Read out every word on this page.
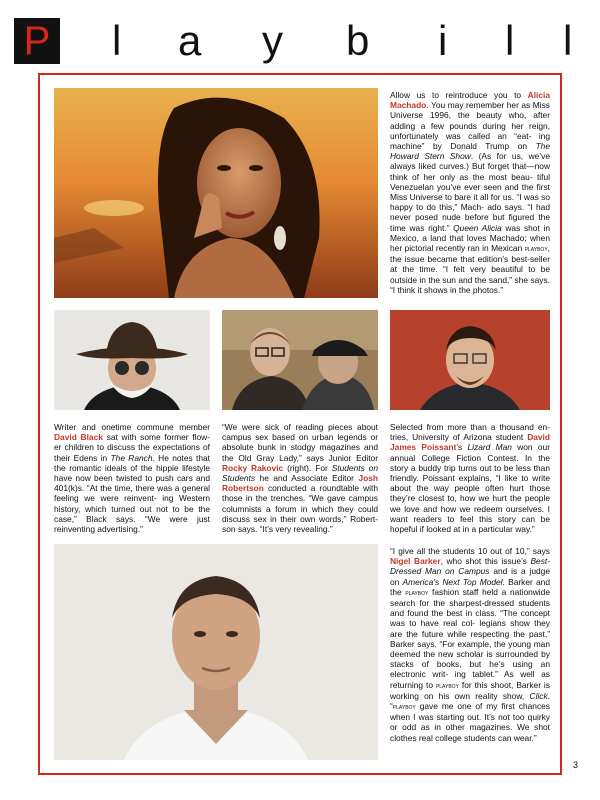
P l a y b i l l

Allow us to reintroduce you to Alicia Machado. You may remember her as Miss Universe 1996, the beauty who, after adding a few pounds during her reign, unfortunately was called an “eat- ing machine” by Donald Trump on The Howard Stern Show. (As for us, we’ve always liked curves.) But forget that—now think of her only as the most beau- tiful Venezuelan you’ve ever seen and the first Miss Universe to bare it all for us. “I was so happy to do this,” Mach- ado says. “I had never posed nude before but figured the time was right.” Queen Alicia was shot in Mexico, a land that loves Machado; when her pictorial recently ran in Mexican playboy, the issue became that edition’s best-seller at the time. “I felt very beautiful to be outside in the sun and the sand,” she says. “I think it shows in the photos.”

Writer and onetime commune member David Black sat with some former flow- er children to discuss the expectations of their Edens in The Ranch. He notes that the romantic ideals of the hippie lifestyle have now been twisted to push cars and 401(k)s. “At the time, there was a general feeling we were reinvent- ing Western history, which turned out not to be the case,” Black says. “We were just reinventing advertising.”

“We were sick of reading pieces about campus sex based on urban legends or absolute bunk in stodgy magazines and the Old Gray Lady,” says Junior Editor Rocky Rakovic (right). For Students on Students he and Associate Editor Josh Robertson conducted a roundtable with those in the trenches. “We gave campus columnists a forum in which they could discuss sex in their own words,” Robert- son says. “It’s very revealing.”

Selected from more than a thousand en- tries, University of Arizona student David James Poissant’s Lizard Man won our annual College Fiction Contest. In the story a buddy trip turns out to be less than friendly. Poissant explains, “I like to write about the way people often hurt those they’re closest to, how we hurt the people we love and how we redeem ourselves. I want readers to feel this story can be hopeful if looked at in a particular way.”

“I give all the students 10 out of 10,” says Nigel Barker, who shot this issue’s Best-Dressed Man on Campus and is a judge on America’s Next Top Model. Barker and the playboy fashion staff held a nationwide search for the sharpest-dressed students and found the best in class. “The concept was to have real col- legians show they are the future while respecting the past,” Barker says. “For example, the young man deemed the new scholar is surrounded by stacks of books, but he’s using an electronic writ- ing tablet.” As well as returning to playboy for this shoot, Barker is working on his own reality show, Click. “playboy gave me one of my first chances when I was starting out. It’s not too quirky or odd as in other magazines. We shot clothes real college students can wear.”

3
